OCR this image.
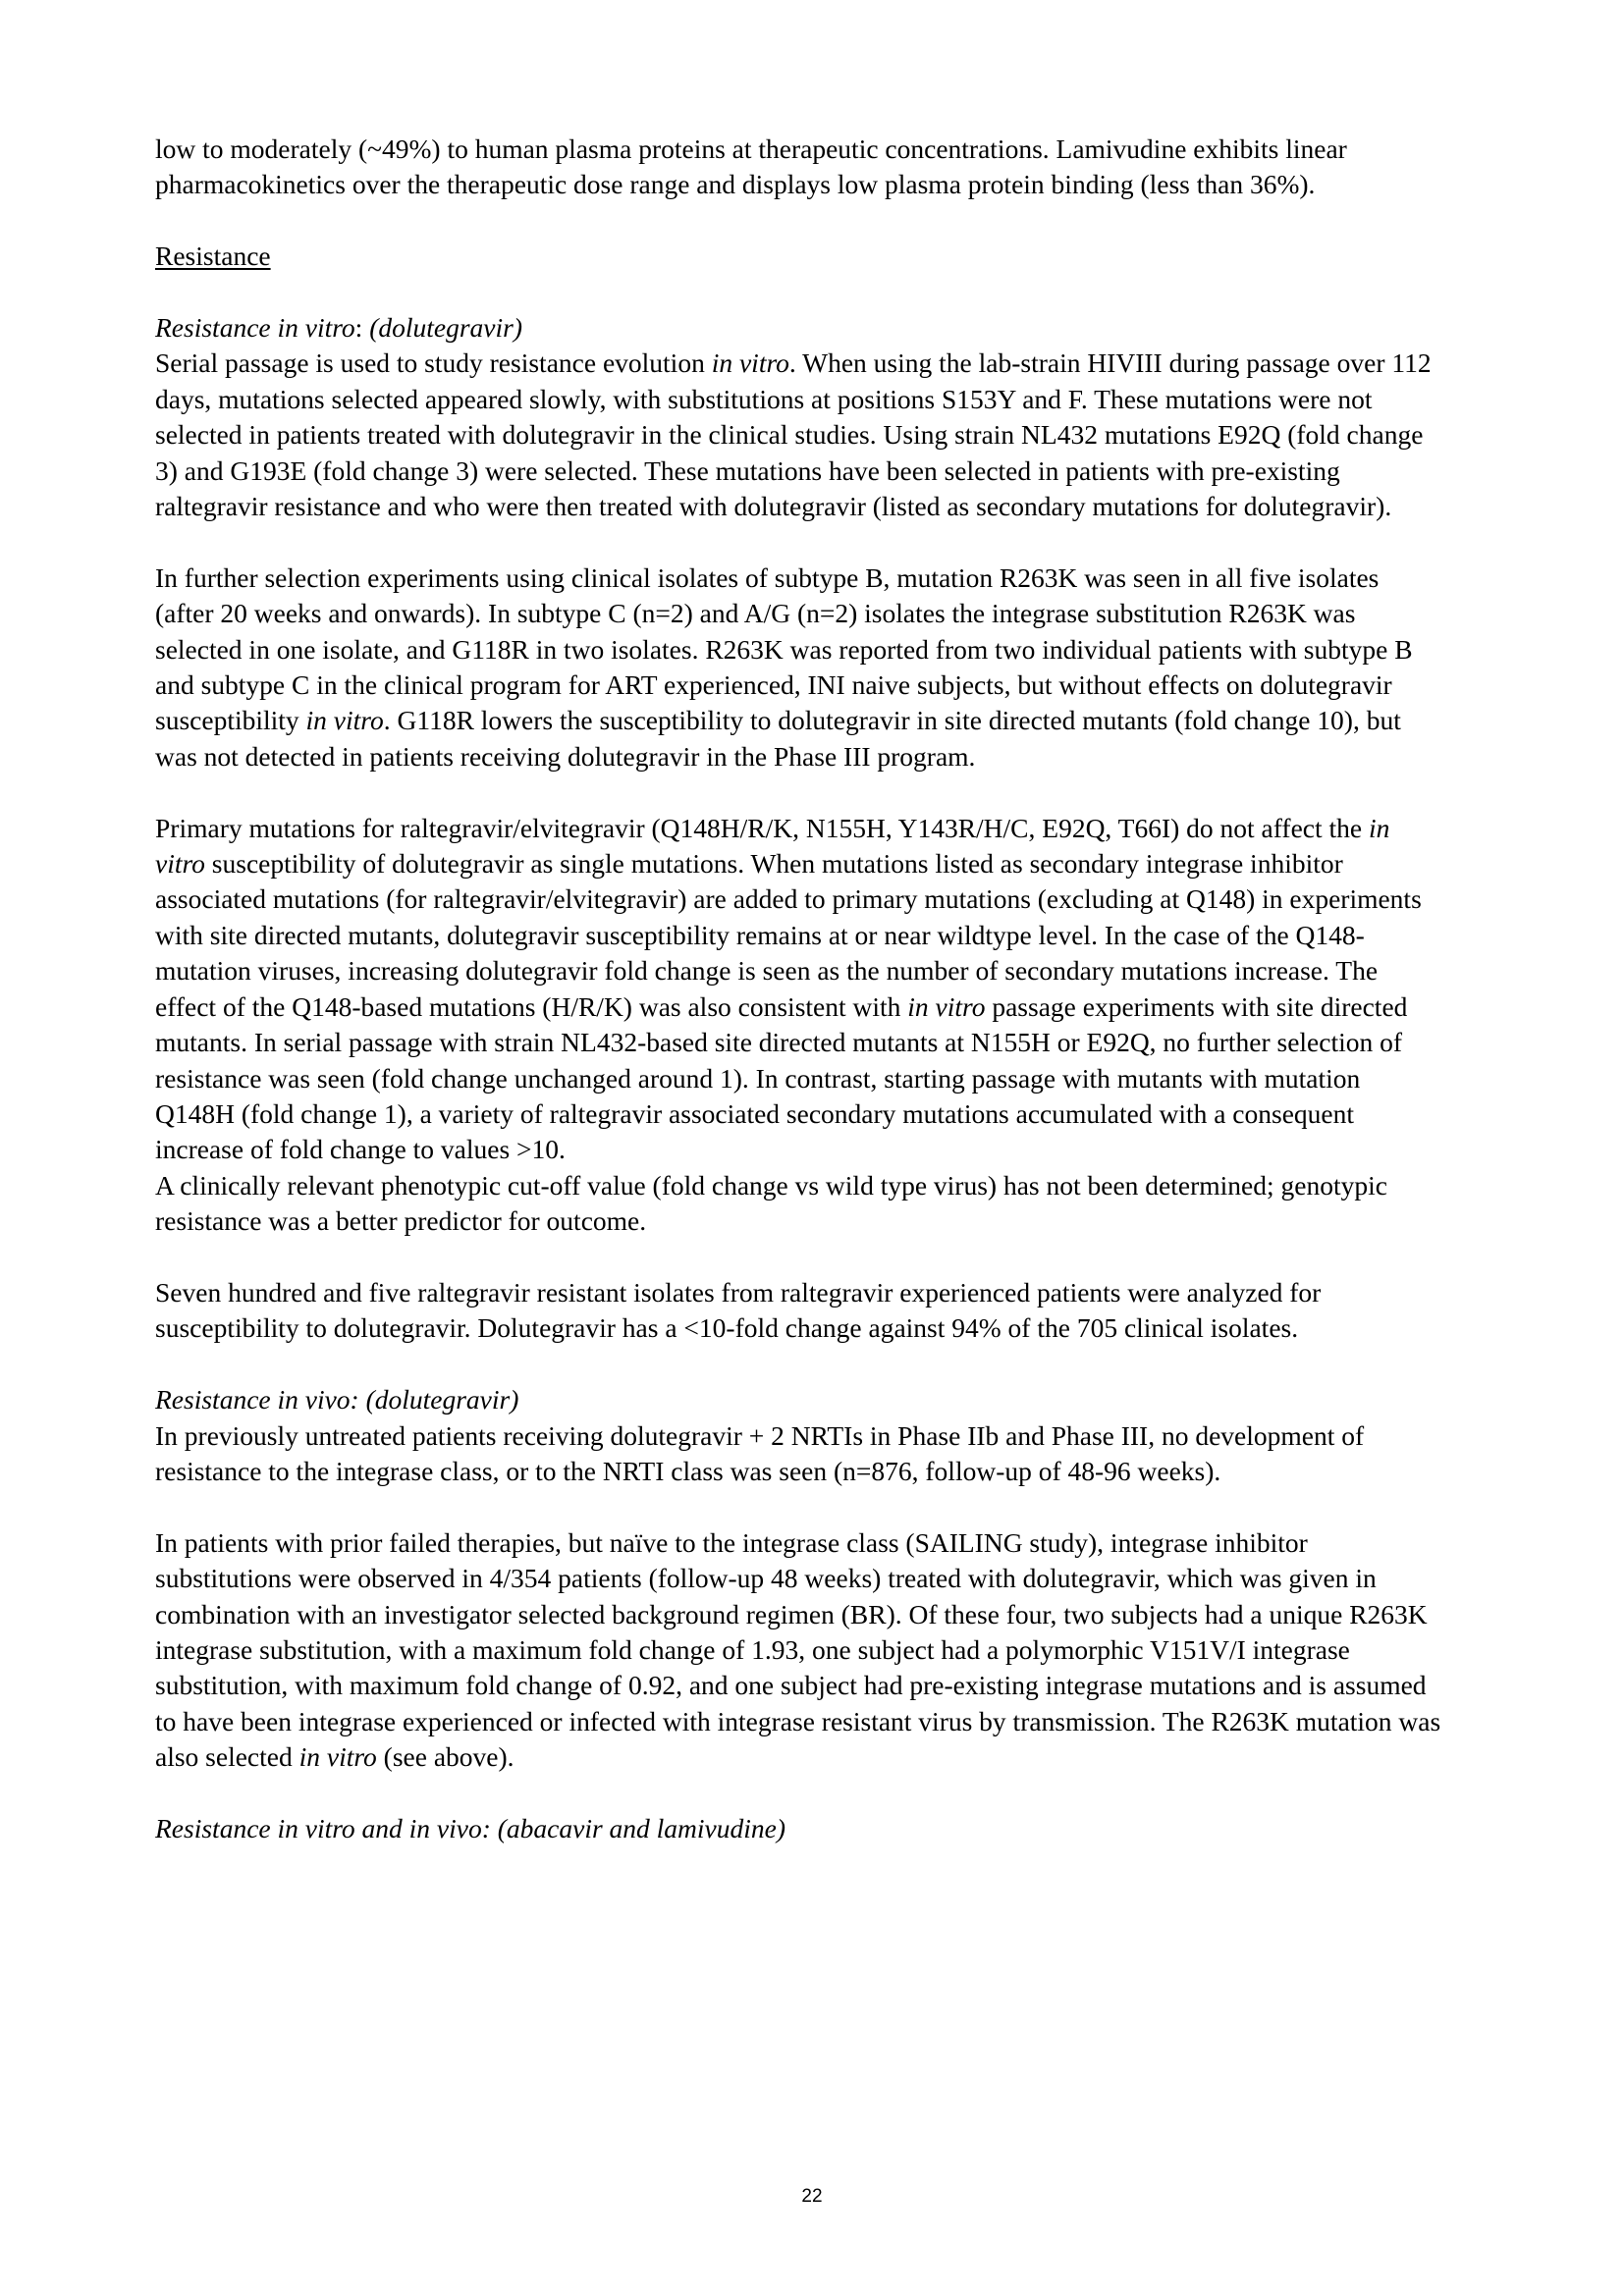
low to moderately (~49%) to human plasma proteins at therapeutic concentrations. Lamivudine exhibits linear pharmacokinetics over the therapeutic dose range and displays low plasma protein binding (less than 36%).

Resistance

Resistance in vitro: (dolutegravir)

Serial passage is used to study resistance evolution in vitro. When using the lab-strain HIVIII during passage over 112 days, mutations selected appeared slowly, with substitutions at positions S153Y and F. These mutations were not selected in patients treated with dolutegravir in the clinical studies. Using strain NL432 mutations E92Q (fold change 3) and G193E (fold change 3) were selected. These mutations have been selected in patients with pre-existing raltegravir resistance and who were then treated with dolutegravir (listed as secondary mutations for dolutegravir).

In further selection experiments using clinical isolates of subtype B, mutation R263K was seen in all five isolates (after 20 weeks and onwards). In subtype C (n=2) and A/G (n=2) isolates the integrase substitution R263K was selected in one isolate, and G118R in two isolates. R263K was reported from two individual patients with subtype B and subtype C in the clinical program for ART experienced, INI naive subjects, but without effects on dolutegravir susceptibility in vitro. G118R lowers the susceptibility to dolutegravir in site directed mutants (fold change 10), but was not detected in patients receiving dolutegravir in the Phase III program.

Primary mutations for raltegravir/elvitegravir (Q148H/R/K, N155H, Y143R/H/C, E92Q, T66I) do not affect the in vitro susceptibility of dolutegravir as single mutations. When mutations listed as secondary integrase inhibitor associated mutations (for raltegravir/elvitegravir) are added to primary mutations (excluding at Q148) in experiments with site directed mutants, dolutegravir susceptibility remains at or near wildtype level. In the case of the Q148-mutation viruses, increasing dolutegravir fold change is seen as the number of secondary mutations increase. The effect of the Q148-based mutations (H/R/K) was also consistent with in vitro passage experiments with site directed mutants. In serial passage with strain NL432-based site directed mutants at N155H or E92Q, no further selection of resistance was seen (fold change unchanged around 1). In contrast, starting passage with mutants with mutation Q148H (fold change 1), a variety of raltegravir associated secondary mutations accumulated with a consequent increase of fold change to values >10.

A clinically relevant phenotypic cut-off value (fold change vs wild type virus) has not been determined; genotypic resistance was a better predictor for outcome.

Seven hundred and five raltegravir resistant isolates from raltegravir experienced patients were analyzed for susceptibility to dolutegravir. Dolutegravir has a <10-fold change against 94% of the 705 clinical isolates.

Resistance in vivo: (dolutegravir)

In previously untreated patients receiving dolutegravir + 2 NRTIs in Phase IIb and Phase III, no development of resistance to the integrase class, or to the NRTI class was seen (n=876, follow-up of 48-96 weeks).

In patients with prior failed therapies, but naïve to the integrase class (SAILING study), integrase inhibitor substitutions were observed in 4/354 patients (follow-up 48 weeks) treated with dolutegravir, which was given in combination with an investigator selected background regimen (BR). Of these four, two subjects had a unique R263K integrase substitution, with a maximum fold change of 1.93, one subject had a polymorphic V151V/I integrase substitution, with maximum fold change of 0.92, and one subject had pre-existing integrase mutations and is assumed to have been integrase experienced or infected with integrase resistant virus by transmission. The R263K mutation was also selected in vitro (see above).

Resistance in vitro and in vivo: (abacavir and lamivudine)

22
